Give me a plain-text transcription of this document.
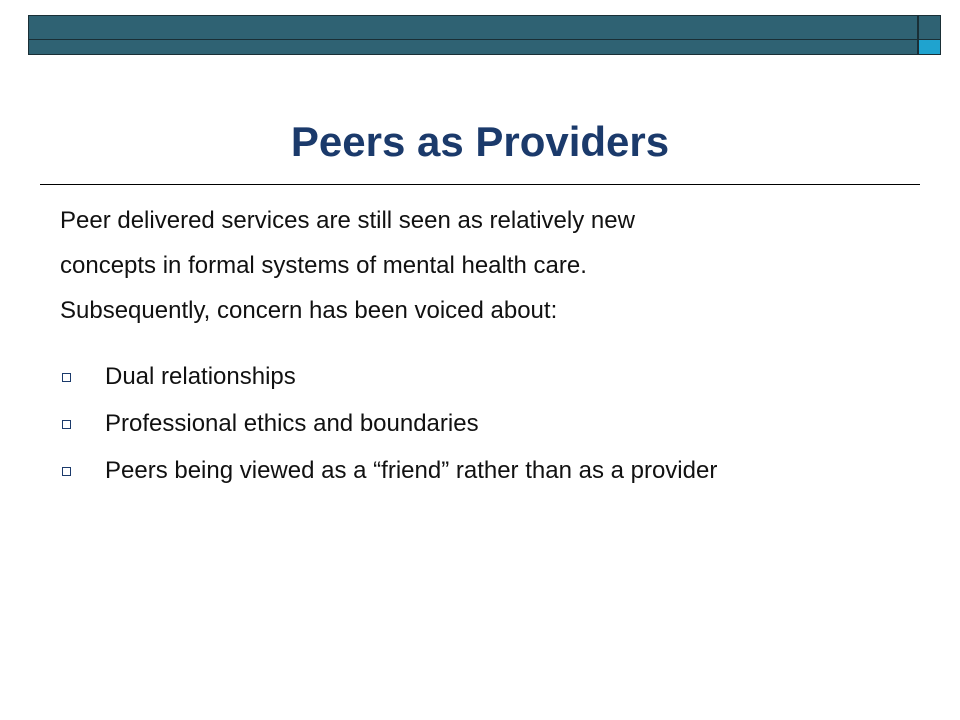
Peers as Providers

Peer delivered services are still seen as relatively new

concepts in formal systems of mental health care.

Subsequently, concern has been voiced about:

Dual relationships
Professional ethics and boundaries
Peers being viewed as a “friend” rather than as a provider
